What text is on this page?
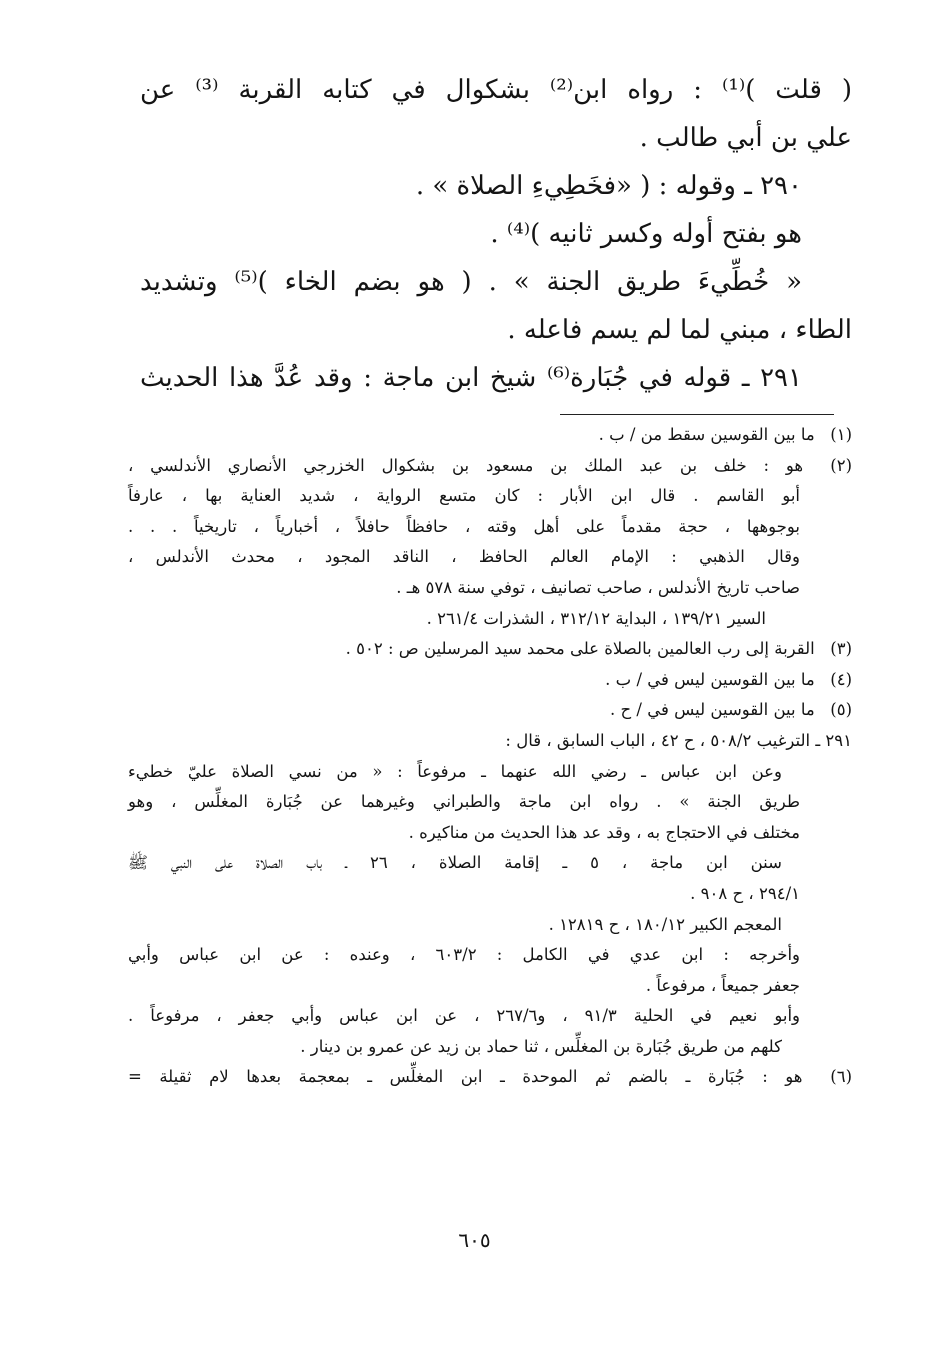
( قلت )⁽¹⁾ : رواه ابن⁽²⁾ بشكوال في كتابه القربة ⁽³⁾ عن
علي بن أبي طالب .
٢٩٠ ـ وقوله : ( «فخَطِيءِ الصلاة » .
هو بفتح أوله وكسر ثانيه )⁽⁴⁾ .
« خُطِّيءَ طريق الجنة » . ( هو بضم الخاء )⁽⁵⁾ وتشديد
الطاء ، مبني لما لم يسم فاعله .
٢٩١ ـ قوله في جُبَارة⁽⁶⁾ شيخ ابن ماجة : وقد عُدَّ هذا الحديث
(١) ما بين القوسين سقط من / ب .
(٢) هو : خلف بن عبد الملك بن مسعود بن بشكوال الخزرجي الأنصاري الأندلسي ،
أبو القاسم . قال ابن الأبار : كان متسع الرواية ، شديد العناية بها ، عارفاً
بوجوهها ، حجة مقدماً على أهل وقته ، حافظاً حافلاً ، أخبارياً ، تاريخياً . . .
وقال الذهبي : الإمام العالم الحافظ ، الناقد المجود ، محدث الأندلس ،
صاحب تاريخ الأندلس ، صاحب تصانيف ، توفي سنة ٥٧٨ هـ .
السير ١٣٩/٢١ ، البداية ٣١٢/١٢ ، الشذرات ٢٦١/٤ .
(٣) القربة إلى رب العالمين بالصلاة على محمد سيد المرسلين ص : ٥٠٢ .
(٤) ما بين القوسين ليس في / ب .
(٥) ما بين القوسين ليس في / ح .
٢٩١ ـ الترغيب ٥٠٨/٢ ، ح ٤٢ ، الباب السابق ، قال :
وعن ابن عباس ـ رضي الله عنهما ـ مرفوعاً : « من نسي الصلاة عليّ خطيء
طريق الجنة » . رواه ابن ماجة والطبراني وغيرهما عن جُبَارة المغلِّس ، وهو
مختلف في الاحتجاج به ، وقد عد هذا الحديث من مناكيره .
سنن ابن ماجة ، ٥ ـ إقامة الصلاة ، ٢٦ ـ باب الصلاة على النبي ﷺ
٢٩٤/١ ، ح ٩٠٨ .
المعجم الكبير ١٨٠/١٢ ، ح ١٢٨١٩ .
وأخرجه : ابن عدي في الكامل : ٦٠٣/٢ ، وعنده : عن ابن عباس وأبي
جعفر جميعاً ، مرفوعاً .
وأبو نعيم في الحلية ٩١/٣ ، و٢٦٧/٦ ، عن ابن عباس وأبي جعفر ، مرفوعاً .
كلهم من طريق جُبَارة بن المغلِّس ، ثنا حماد بن زيد عن عمرو بن دينار .
(٦) هو : جُبَارة ـ بالضم ثم الموحدة ـ ابن المغلِّس ـ بمعجمة بعدها لام ثقيلة =
٦٠٥
